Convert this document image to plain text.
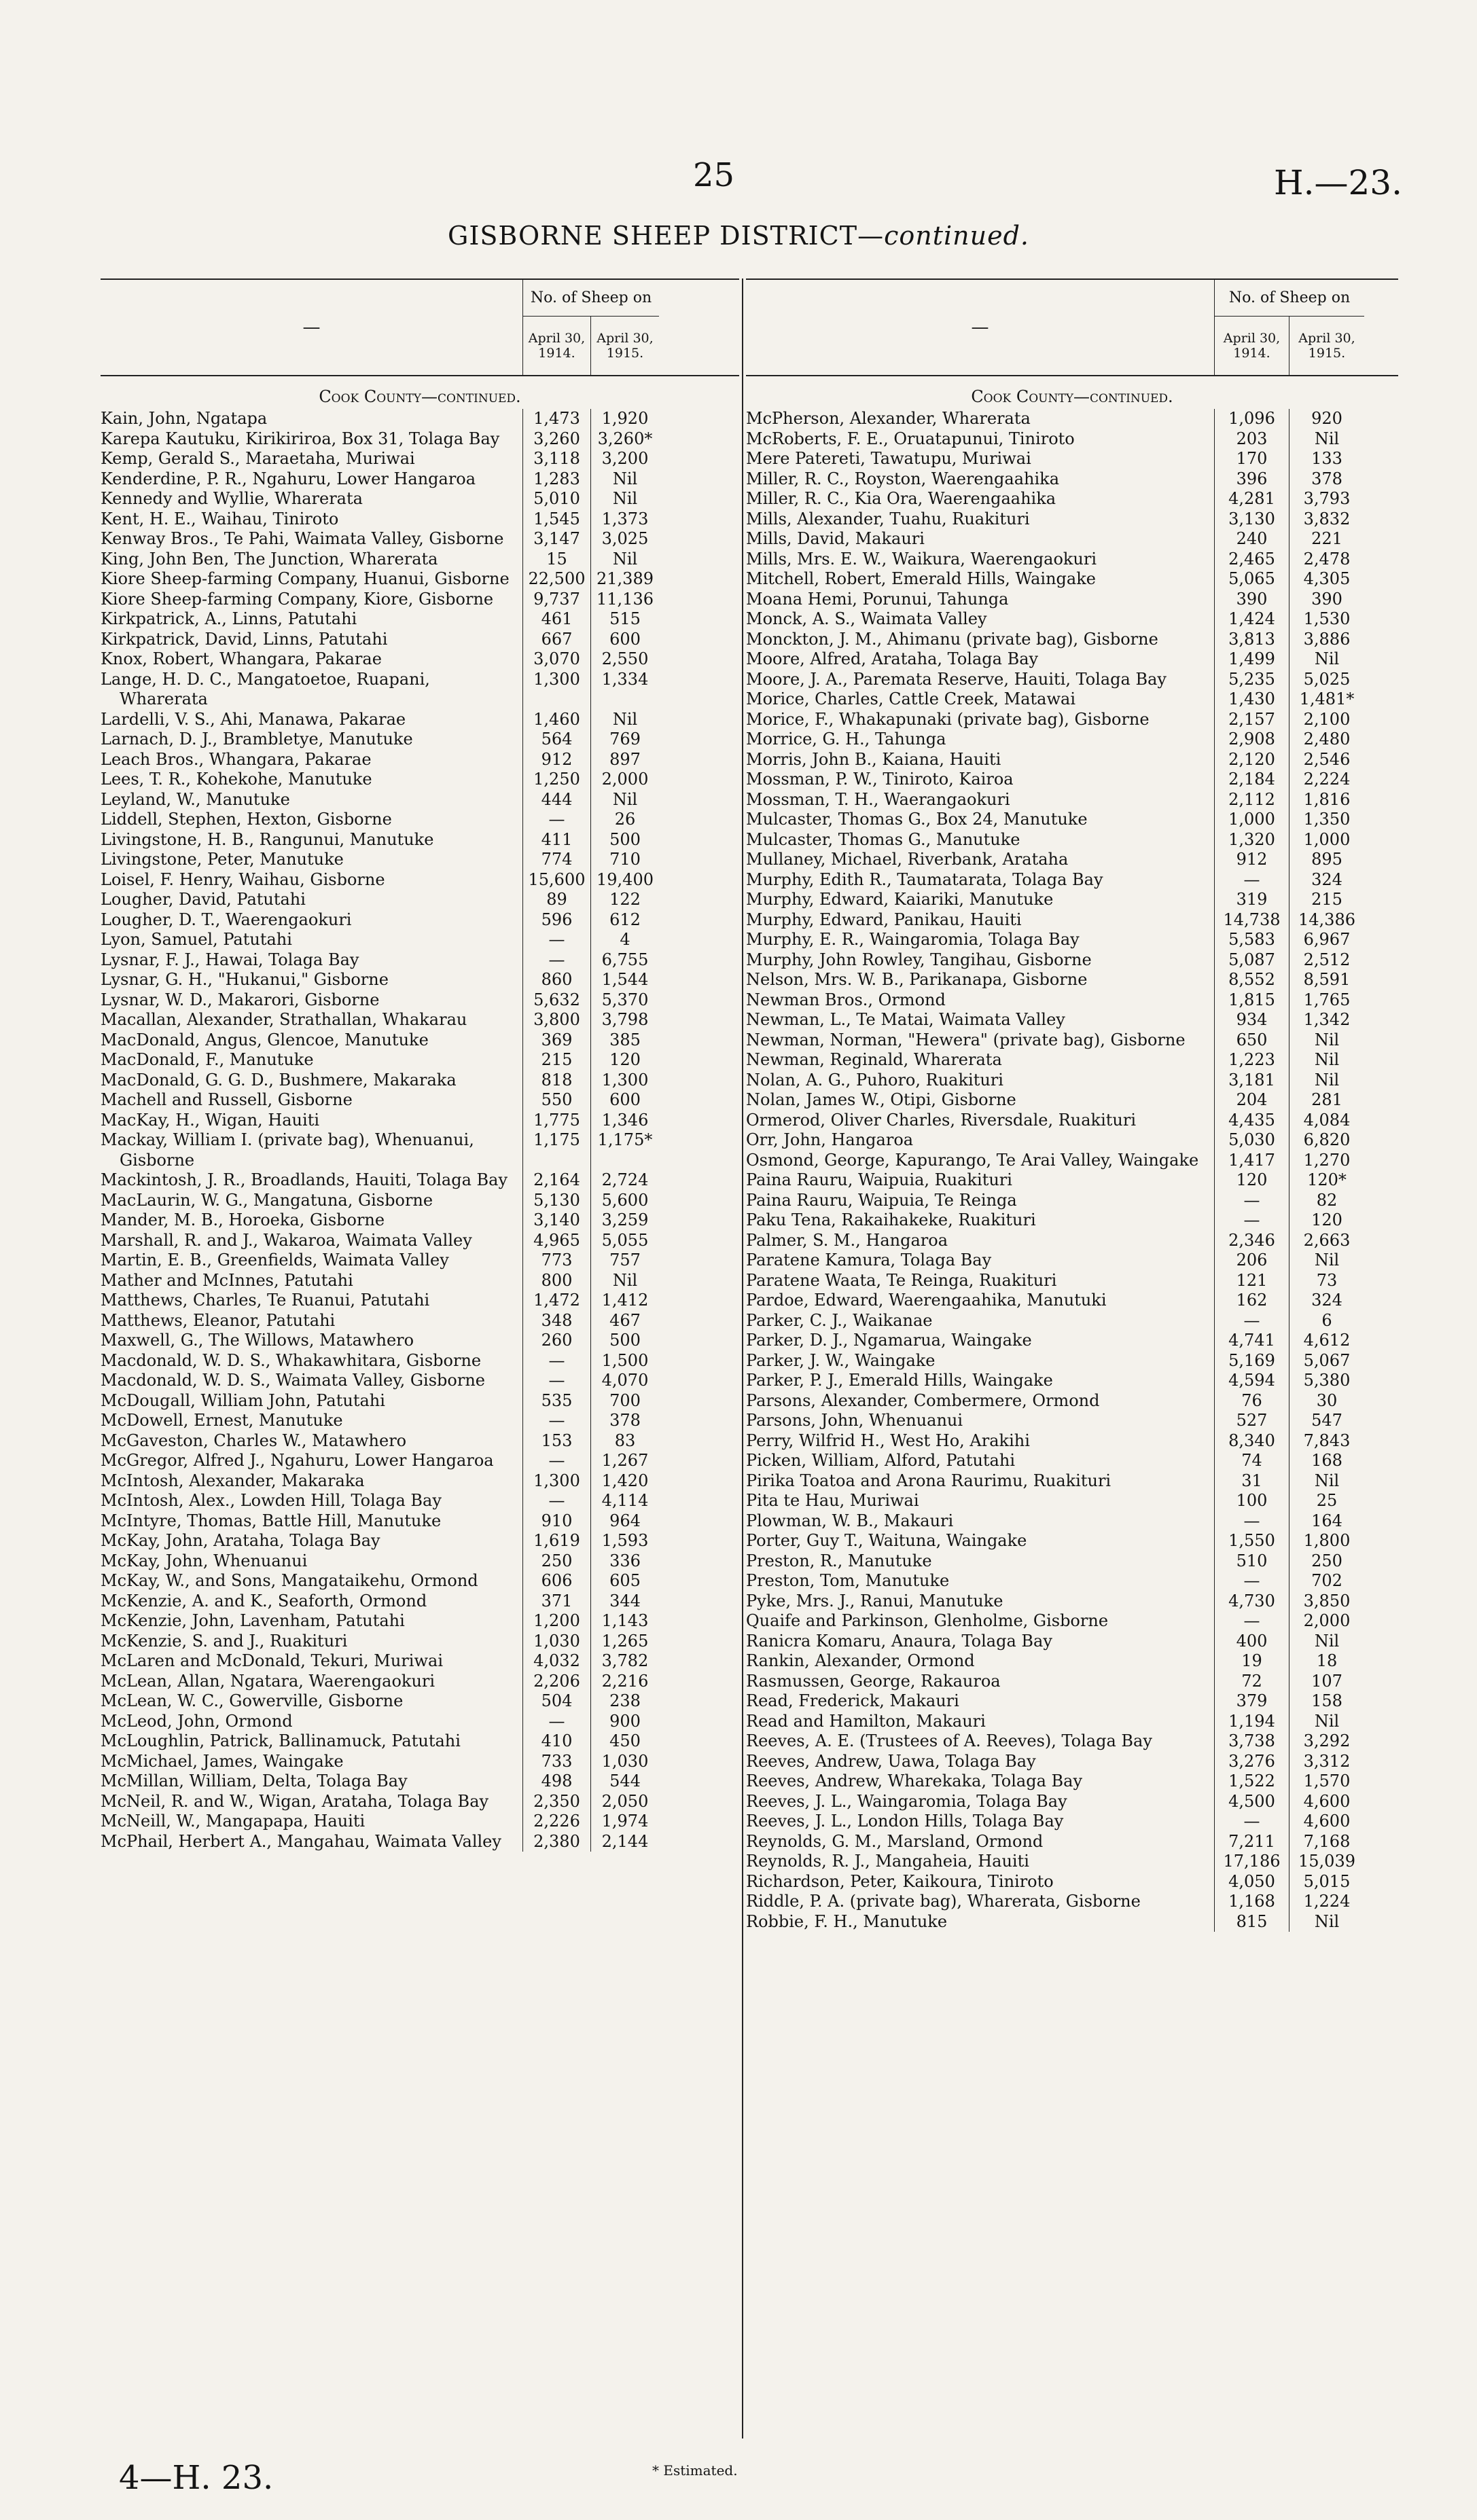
25	H.—23.
GISBORNE SHEEP DISTRICT—continued.
—
No. of Sheep on
April 30,
1914.
April 30,
1915.
Cook County—continued.
Kain, John, Ngatapa	1,473	1,920
Karepa Kautuku, Kirikiriroa, Box 31, Tolaga Bay	3,260	3,260*
Kemp, Gerald S., Maraetaha, Muriwai	3,118	3,200
Kenderdine, P. R., Ngahuru, Lower Hangaroa	1,283	Nil
Kennedy and Wyllie, Wharerata	5,010	Nil
Kent, H. E., Waihau, Tiniroto	1,545	1,373
Kenway Bros., Te Pahi, Waimata Valley, Gisborne	3,147	3,025
King, John Ben, The Junction, Wharerata	15	Nil
Kiore Sheep-farming Company, Huanui, Gisborne	22,500 21,389
Kiore Sheep-farming Company, Kiore, Gisborne	9,737	11,136
Kirkpatrick, A., Linns, Patutahi	461	515
Kirkpatrick, David, Linns, Patutahi	667	600
Knox, Robert, Whangara, Pakarae	3,070	2,550
Lange, H. D. C., Mangatoetoe, Ruapani, Wharerata
1,300	1,334
Lardelli, V. S., Ahi, Manawa, Pakarae	1,460	Nil
Larnach, D. J., Brambletye, Manutuke	564	769
Leach Bros., Whangara, Pakarae	912	897
Lees, T. R., Kohekohe, Manutuke	1,250	2,000
Leyland, W., Manutuke	444	Nil
Liddell, Stephen, Hexton, Gisborne	—	26
Livingstone, H. B., Rangunui, Manutuke	411	500
Livingstone, Peter, Manutuke	774	710
Loisel, F. Henry, Waihau, Gisborne	15,600 19,400
Lougher, David, Patutahi	89	122
Lougher, D. T., Waerengaokuri	596	612
Lyon, Samuel, Patutahi	—	4
Lysnar, F. J., Hawai, Tolaga Bay	—	6,755
Lysnar, G. H., "Hukanui," Gisborne	860	1,544
Lysnar, W. D., Makarori, Gisborne	5,632	5,370
Macallan, Alexander, Strathallan, Whakarau	3,800	3,798
MacDonald, Angus, Glencoe, Manutuke	369	385
MacDonald, F., Manutuke	215	120
MacDonald, G. G. D., Bushmere, Makaraka	818	1,300
Machell and Russell, Gisborne	550	600
MacKay, H., Wigan, Hauiti	1,775	1,346
Mackay, William I. (private bag), Whenuanui, Gisborne
1,175	1,175*
Mackintosh, J. R., Broadlands, Hauiti, Tolaga Bay	2,164	2,724
MacLaurin, W. G., Mangatuna, Gisborne	5,130	5,600
Mander, M. B., Horoeka, Gisborne	3,140	3,259
Marshall, R. and J., Wakaroa, Waimata Valley	4,965	5,055
Martin, E. B., Greenfields, Waimata Valley	773	757
Mather and McInnes, Patutahi	800	Nil
Matthews, Charles, Te Ruanui, Patutahi	1,472	1,412
Matthews, Eleanor, Patutahi	348	467
Maxwell, G., The Willows, Matawhero	260	500
Macdonald, W. D. S., Whakawhitara, Gisborne	—	1,500
Macdonald, W. D. S., Waimata Valley, Gisborne	—	4,070
McDougall, William John, Patutahi	535	700
McDowell, Ernest, Manutuke	—	378
McGaveston, Charles W., Matawhero	153	83
McGregor, Alfred J., Ngahuru, Lower Hangaroa	—	1,267
McIntosh, Alexander, Makaraka	1,300	1,420
McIntosh, Alex., Lowden Hill, Tolaga Bay	—	4,114
McIntyre, Thomas, Battle Hill, Manutuke	910	964
McKay, John, Arataha, Tolaga Bay	1,619	1,593
McKay, John, Whenuanui	250	336
McKay, W., and Sons, Mangataikehu, Ormond	606	605
McKenzie, A. and K., Seaforth, Ormond	371	344
McKenzie, John, Lavenham, Patutahi	1,200	1,143
McKenzie, S. and J., Ruakituri	1,030	1,265
McLaren and McDonald, Tekuri, Muriwai	4,032	3,782
McLean, Allan, Ngatara, Waerengaokuri	2,206	2,216
McLean, W. C., Gowerville, Gisborne	504	238
McLeod, John, Ormond	—	900
McLoughlin, Patrick, Ballinamuck, Patutahi	410	450
McMichael, James, Waingake	733	1,030
McMillan, William, Delta, Tolaga Bay	498	544
McNeil, R. and W., Wigan, Arataha, Tolaga Bay	2,350	2,050
McNeill, W., Mangapapa, Hauiti	2,226	1,974
McPhail, Herbert A., Mangahau, Waimata Valley	2,380	2,144
—
No. of Sheep on
April 30,
1914.
April 30,
1915.
Cook County—continued.
McPherson, Alexander, Wharerata	1,096	920
McRoberts, F. E., Oruatapunui, Tiniroto	203	Nil
Mere Patereti, Tawatupu, Muriwai	170	133
Miller, R. C., Royston, Waerengaahika	396	378
Miller, R. C., Kia Ora, Waerengaahika	4,281	3,793
Mills, Alexander, Tuahu, Ruakituri	3,130	3,832
Mills, David, Makauri	240	221
Mills, Mrs. E. W., Waikura, Waerengaokuri	2,465	2,478
Mitchell, Robert, Emerald Hills, Waingake	5,065	4,305
Moana Hemi, Porunui, Tahunga	390	390
Monck, A. S., Waimata Valley	1,424	1,530
Monckton, J. M., Ahimanu (private bag), Gisborne	3,813	3,886
Moore, Alfred, Arataha, Tolaga Bay	1,499	Nil
Moore, J. A., Paremata Reserve, Hauiti, Tolaga Bay	5,235	5,025
Morice, Charles, Cattle Creek, Matawai	1,430	1,481*
Morice, F., Whakapunaki (private bag), Gisborne	2,157	2,100
Morrice, G. H., Tahunga	2,908	2,480
Morris, John B., Kaiana, Hauiti	2,120	2,546
Mossman, P. W., Tiniroto, Kairoa	2,184	2,224
Mossman, T. H., Waerangaokuri	2,112	1,816
Mulcaster, Thomas G., Box 24, Manutuke	1,000	1,350
Mulcaster, Thomas G., Manutuke	1,320	1,000
Mullaney, Michael, Riverbank, Arataha	912	895
Murphy, Edith R., Taumatarata, Tolaga Bay	—	324
Murphy, Edward, Kaiariki, Manutuke	319	215
Murphy, Edward, Panikau, Hauiti	14,738	14,386
Murphy, E. R., Waingaromia, Tolaga Bay	5,583	6,967
Murphy, John Rowley, Tangihau, Gisborne	5,087	2,512
Nelson, Mrs. W. B., Parikanapa, Gisborne	8,552	8,591
Newman Bros., Ormond	1,815	1,765
Newman, L., Te Matai, Waimata Valley	934	1,342
Newman, Norman, "Hewera" (private bag), Gisborne	650	Nil
Newman, Reginald, Wharerata	1,223	Nil
Nolan, A. G., Puhoro, Ruakituri	3,181	Nil
Nolan, James W., Otipi, Gisborne	204	281
Ormerod, Oliver Charles, Riversdale, Ruakituri	4,435	4,084
Orr, John, Hangaroa	5,030	6,820
Osmond, George, Kapurango, Te Arai Valley, Waingake	1,417	1,270
Paina Rauru, Waipuia, Ruakituri	120	120*
Paina Rauru, Waipuia, Te Reinga	—	82
Paku Tena, Rakaihakeke, Ruakituri	—	120
Palmer, S. M., Hangaroa	2,346	2,663
Paratene Kamura, Tolaga Bay	206	Nil
Paratene Waata, Te Reinga, Ruakituri	121	73
Pardoe, Edward, Waerengaahika, Manutuki	162	324
Parker, C. J., Waikanae	—	6
Parker, D. J., Ngamarua, Waingake	4,741	4,612
Parker, J. W., Waingake	5,169	5,067
Parker, P. J., Emerald Hills, Waingake	4,594	5,380
Parsons, Alexander, Combermere, Ormond	76	30
Parsons, John, Whenuanui	527	547
Perry, Wilfrid H., West Ho, Arakihi	8,340	7,843
Picken, William, Alford, Patutahi	74	168
Pirika Toatoa and Arona Raurimu, Ruakituri	31	Nil
Pita te Hau, Muriwai	100	25
Plowman, W. B., Makauri	—	164
Porter, Guy T., Waituna, Waingake	1,550	1,800
Preston, R., Manutuke	510	250
Preston, Tom, Manutuke	—	702
Pyke, Mrs. J., Ranui, Manutuke	4,730	3,850
Quaife and Parkinson, Glenholme, Gisborne	—	2,000
Ranicra Komaru, Anaura, Tolaga Bay	400	Nil
Rankin, Alexander, Ormond	19	18
Rasmussen, George, Rakauroa	72	107
Read, Frederick, Makauri	379	158
Read and Hamilton, Makauri	1,194	Nil
Reeves, A. E. (Trustees of A. Reeves), Tolaga Bay	3,738	3,292
Reeves, Andrew, Uawa, Tolaga Bay	3,276	3,312
Reeves, Andrew, Wharekaka, Tolaga Bay	1,522	1,570
Reeves, J. L., Waingaromia, Tolaga Bay	4,500	4,600
Reeves, J. L., London Hills, Tolaga Bay	—	4,600
Reynolds, G. M., Marsland, Ormond	7,211	7,168
Reynolds, R. J., Mangaheia, Hauiti	17,186	15,039
Richardson, Peter, Kaikoura, Tiniroto	4,050	5,015
Riddle, P. A. (private bag), Wharerata, Gisborne	1,168	1,224
Robbie, F. H., Manutuke	815	Nil
4—H. 23.	* Estimated.
